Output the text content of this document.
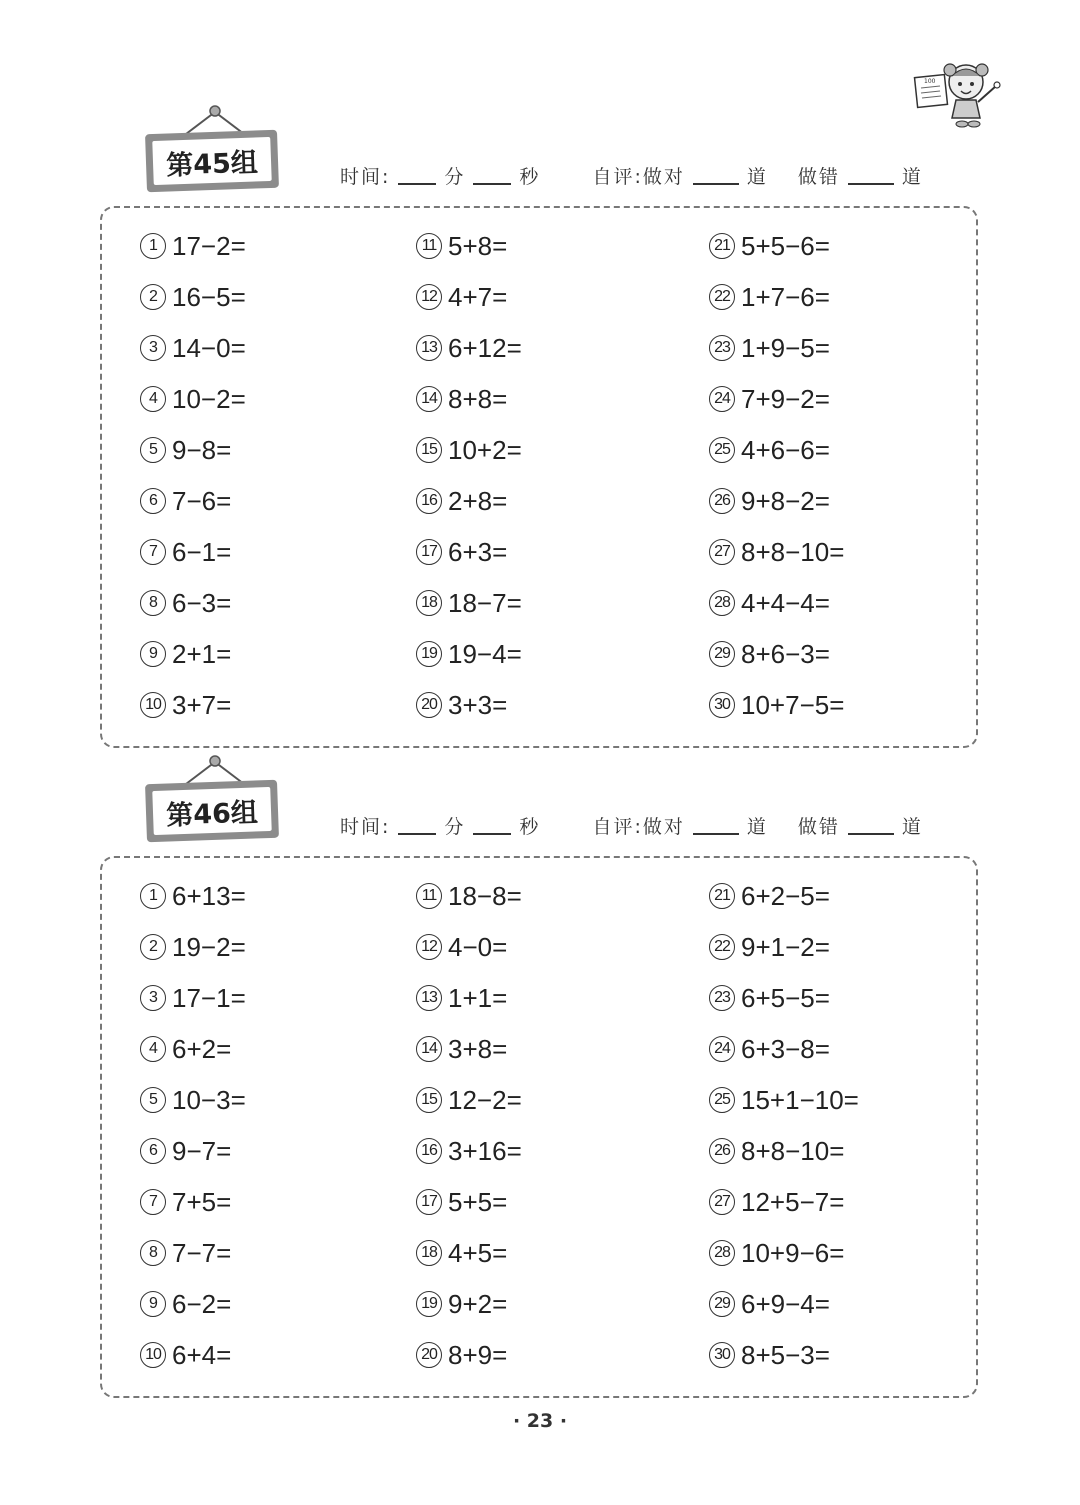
100
第45组	时间:	分	秒	自评:做对	道 做错	道
1 17−2=
2 16−5=
3 14−0=
4 10−2=
5 9−8=
6 7−6=
7 6−1=
8 6−3=
9 2+1=
10 3+7=
11 5+8=
12 4+7=
13 6+12=
14 8+8=
15 10+2=
16 2+8=
17 6+3=
18 18−7=
19 19−4=
20 3+3=
21 5+5−6=
22 1+7−6=
23 1+9−5=
24 7+9−2=
25 4+6−6=
26 9+8−2=
27 8+8−10=
28 4+4−4=
29 8+6−3=
30 10+7−5=
第46组	时间:	分	秒	自评:做对	道 做错	道
1 6+13=
2 19−2=
3 17−1=
4 6+2=
5 10−3=
6 9−7=
7 7+5=
8 7−7=
9 6−2=
10 6+4=
11 18−8=
12 4−0=
13 1+1=
14 3+8=
15 12−2=
16 3+16=
17 5+5=
18 4+5=
19 9+2=
20 8+9=
21 6+2−5=
22 9+1−2=
23 6+5−5=
24 6+3−8=
25 15+1−10=
26 8+8−10=
27 12+5−7=
28 10+9−6=
29 6+9−4=
30 8+5−3=
· 23 ·
